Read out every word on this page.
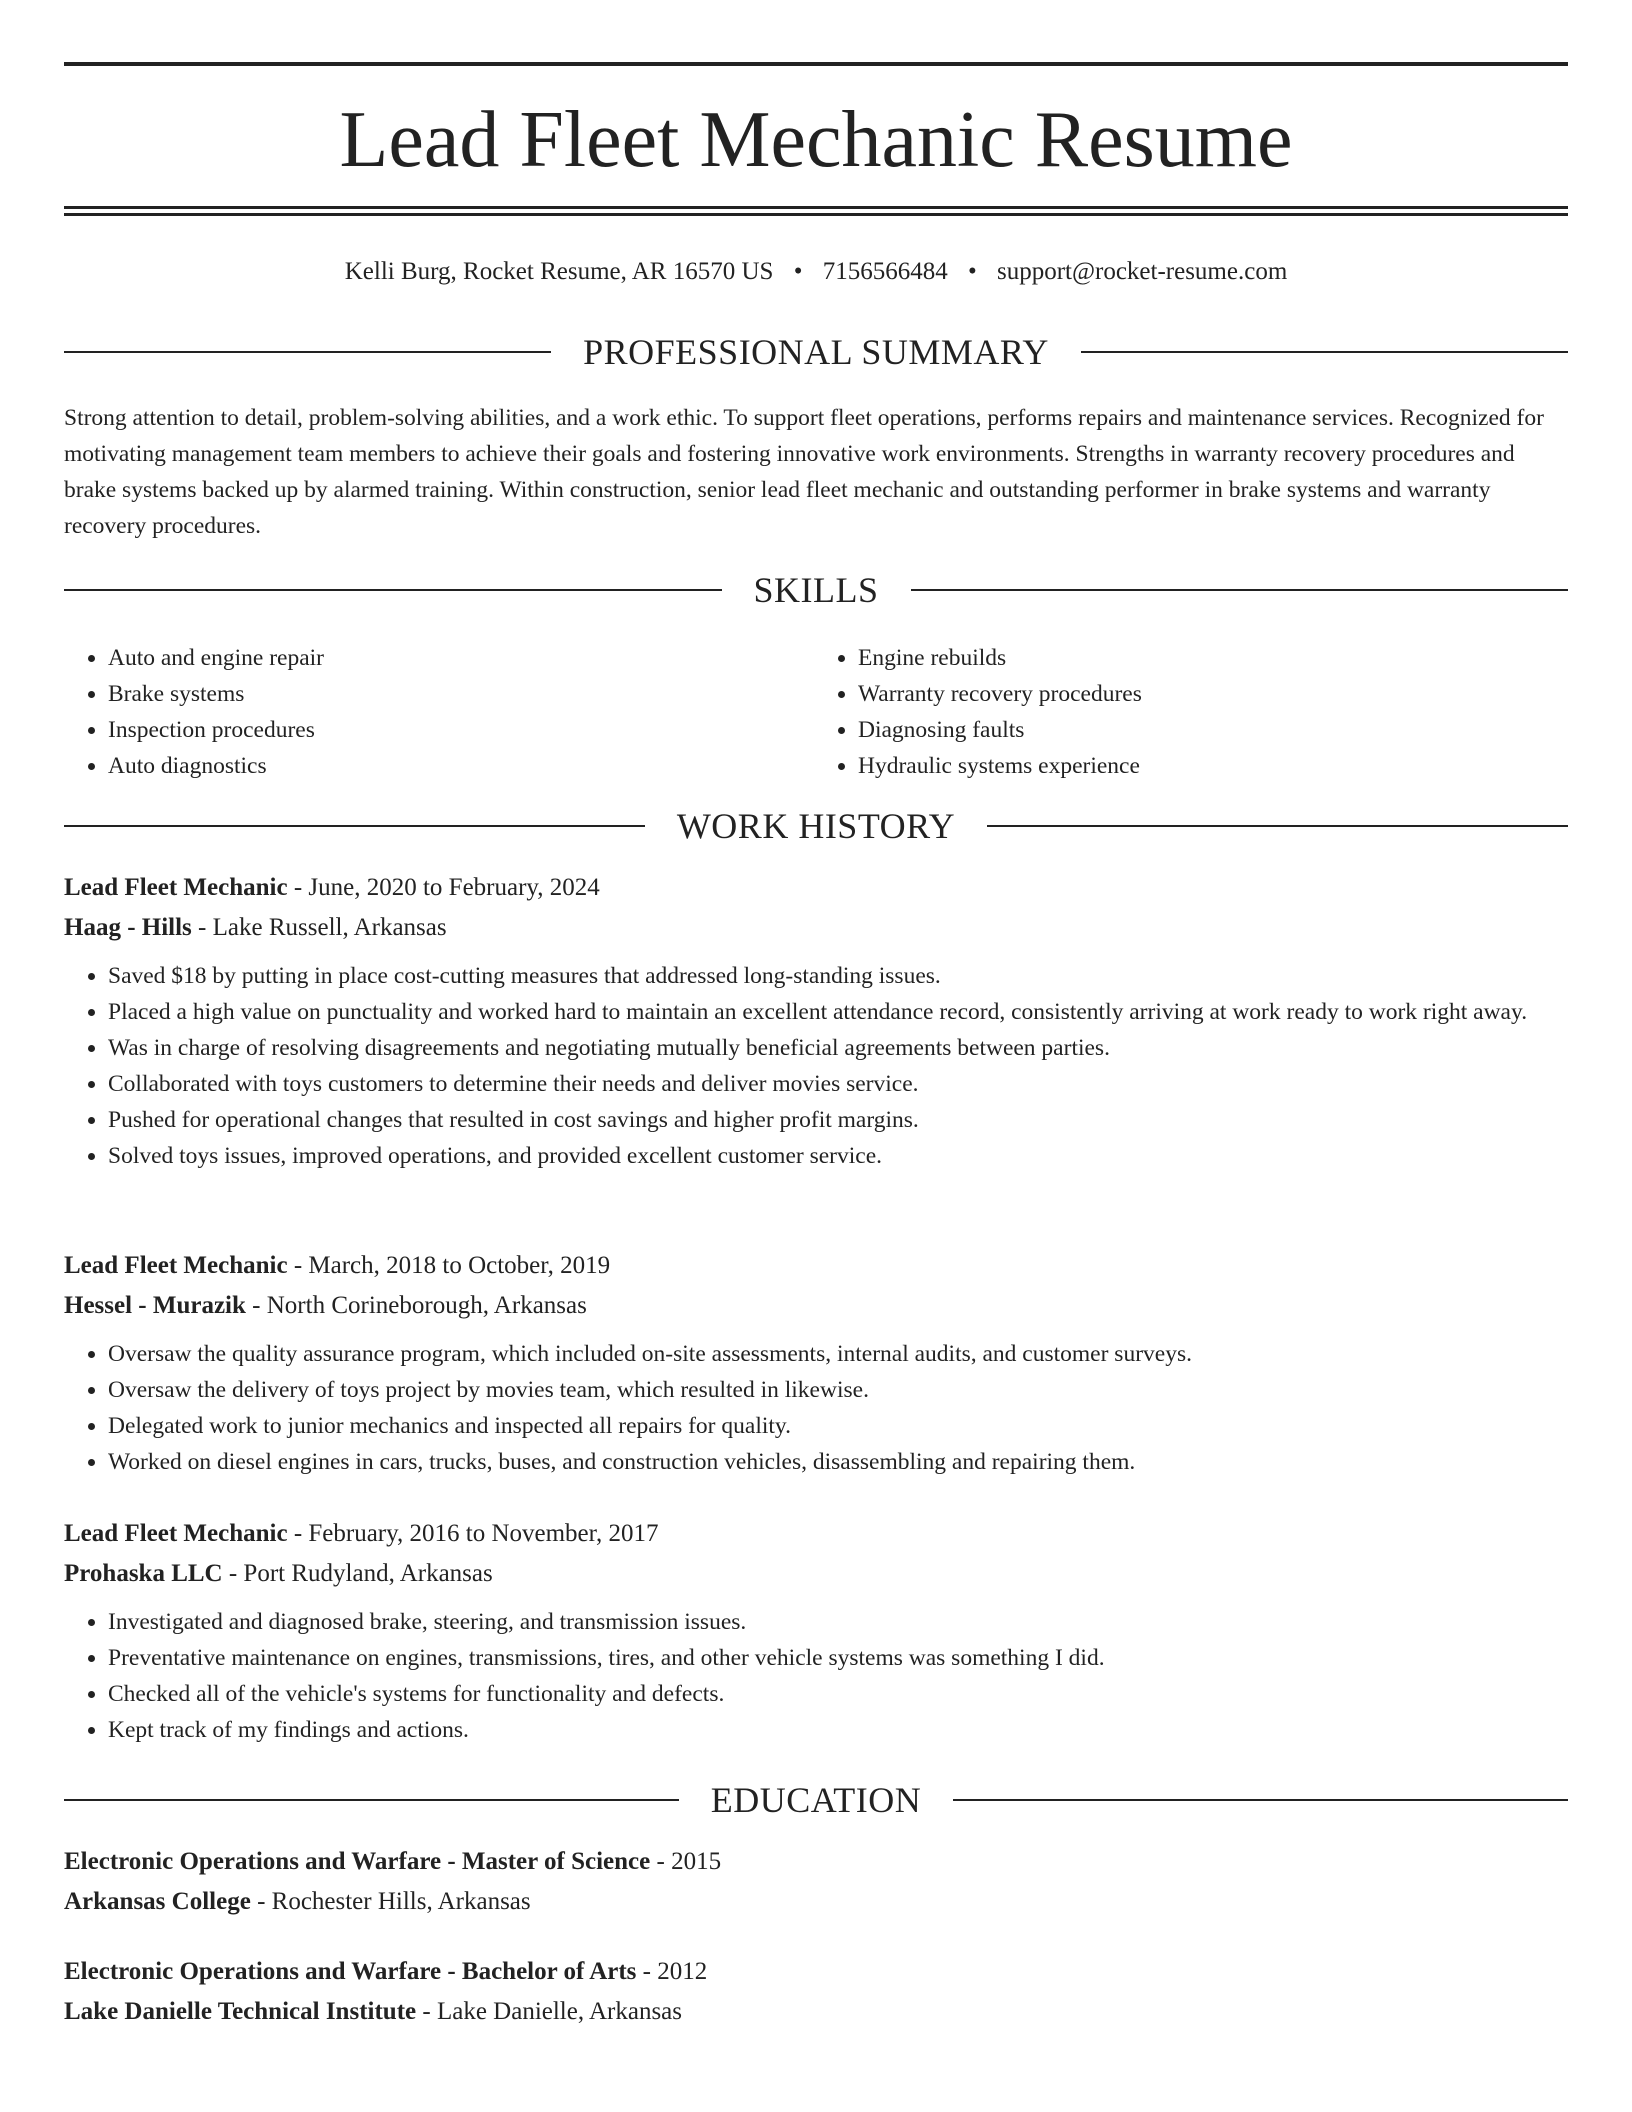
Lead Fleet Mechanic Resume
Kelli Burg, Rocket Resume, AR 16570 US • 7156566484 • support@rocket-resume.com
PROFESSIONAL SUMMARY

Strong attention to detail, problem-solving abilities, and a work ethic. To support fleet operations, performs repairs and maintenance services. Recognized for motivating management team members to achieve their goals and fostering innovative work environments. Strengths in warranty recovery procedures and brake systems backed up by alarmed training. Within construction, senior lead fleet mechanic and outstanding performer in brake systems and warranty recovery procedures.

SKILLS
• Auto and engine repair
• Brake systems
• Inspection procedures
• Auto diagnostics
• Engine rebuilds
• Warranty recovery procedures
• Diagnosing faults
• Hydraulic systems experience
WORK HISTORY
Lead Fleet Mechanic - June, 2020 to February, 2024
Haag - Hills - Lake Russell, Arkansas
• Saved $18 by putting in place cost-cutting measures that addressed long-standing issues.
• Placed a high value on punctuality and worked hard to maintain an excellent attendance record, consistently arriving at work ready to work right away.
• Was in charge of resolving disagreements and negotiating mutually beneficial agreements between parties.
• Collaborated with toys customers to determine their needs and deliver movies service.
• Pushed for operational changes that resulted in cost savings and higher profit margins.
• Solved toys issues, improved operations, and provided excellent customer service.
Lead Fleet Mechanic - March, 2018 to October, 2019
Hessel - Murazik - North Corineborough, Arkansas
• Oversaw the quality assurance program, which included on-site assessments, internal audits, and customer surveys.
• Oversaw the delivery of toys project by movies team, which resulted in likewise.
• Delegated work to junior mechanics and inspected all repairs for quality.
• Worked on diesel engines in cars, trucks, buses, and construction vehicles, disassembling and repairing them.
Lead Fleet Mechanic - February, 2016 to November, 2017
Prohaska LLC - Port Rudyland, Arkansas
• Investigated and diagnosed brake, steering, and transmission issues.
• Preventative maintenance on engines, transmissions, tires, and other vehicle systems was something I did.
• Checked all of the vehicle's systems for functionality and defects.
• Kept track of my findings and actions.
EDUCATION
Electronic Operations and Warfare - Master of Science - 2015
Arkansas College - Rochester Hills, Arkansas
Electronic Operations and Warfare - Bachelor of Arts - 2012
Lake Danielle Technical Institute - Lake Danielle, Arkansas
